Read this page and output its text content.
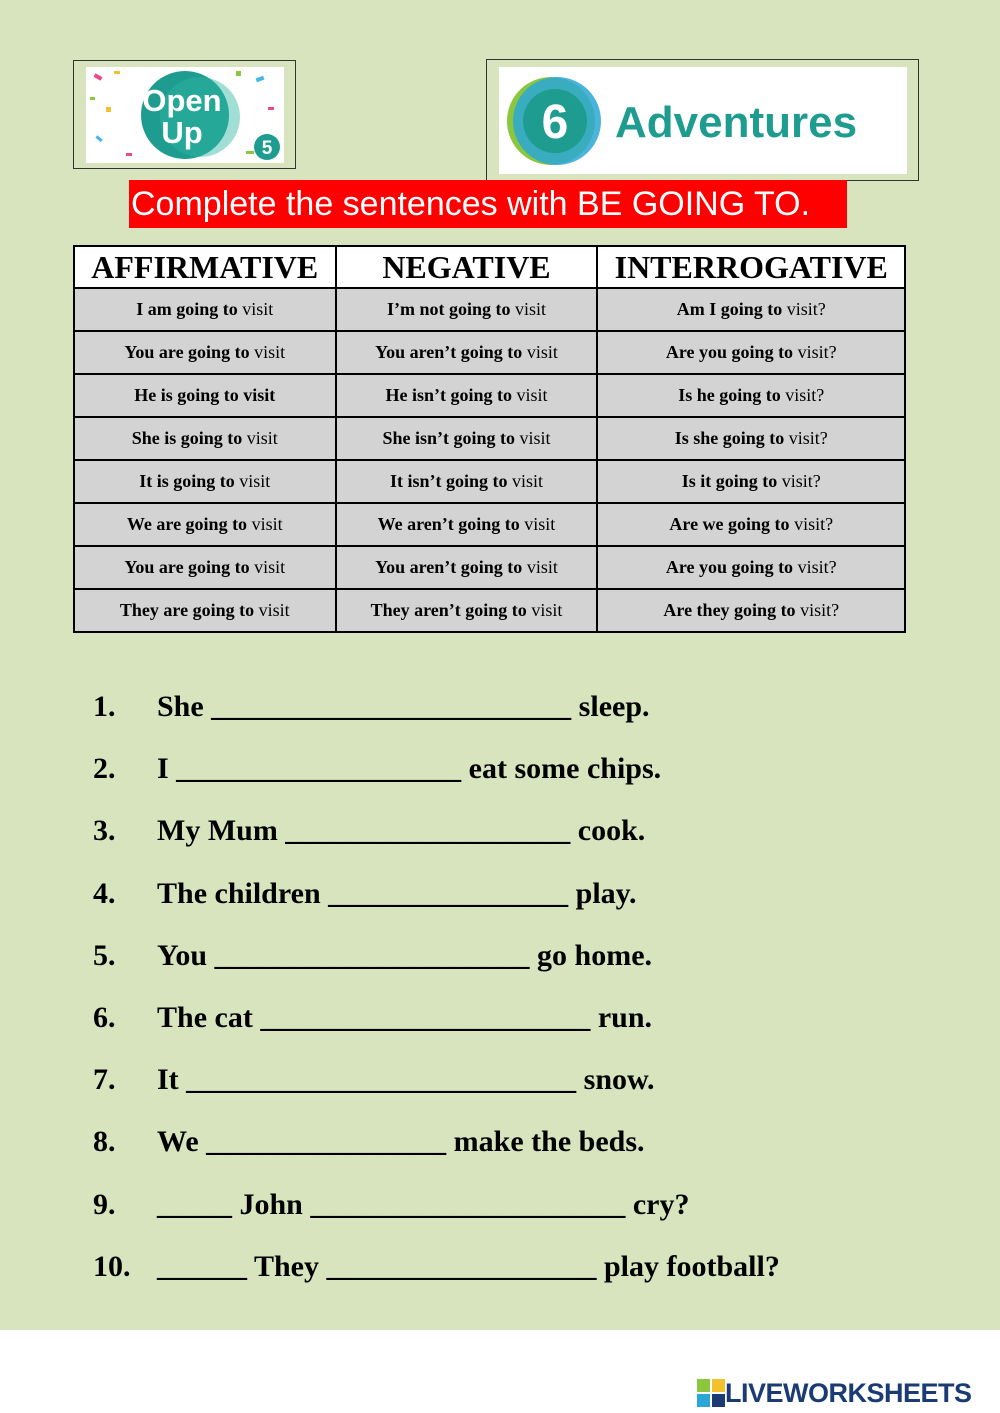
Open
Up	5	6 Adventures
Complete the sentences with BE GOING TO.
AFFIRMATIVE	NEGATIVE	INTERROGATIVE
I am going to visit	I’m not going to visit	Am I going to visit?
You are going to visit	You aren’t going to visit	Are you going to visit?
He is going to visit	He isn’t going to visit	Is he going to visit?
She is going to visit	She isn’t going to visit	Is she going to visit?
It is going to visit	It isn’t going to visit	Is it going to visit?
We are going to visit	We aren’t going to visit	Are we going to visit?
You are going to visit	You aren’t going to visit	Are you going to visit?
They are going to visit	They aren’t going to visit	Are they going to visit?
1.	She ________________________ sleep.
2.	I ___________________ eat some chips.
3.	My Mum ___________________ cook.
4.	The children ________________ play.
5.	You _____________________ go home.
6.	The cat ______________________ run.
7.	It __________________________ snow.
8.	We ________________ make the beds.
9.	_____ John _____________________ cry?
10. ______ They __________________ play football?
LIVEWORKSHEETS
